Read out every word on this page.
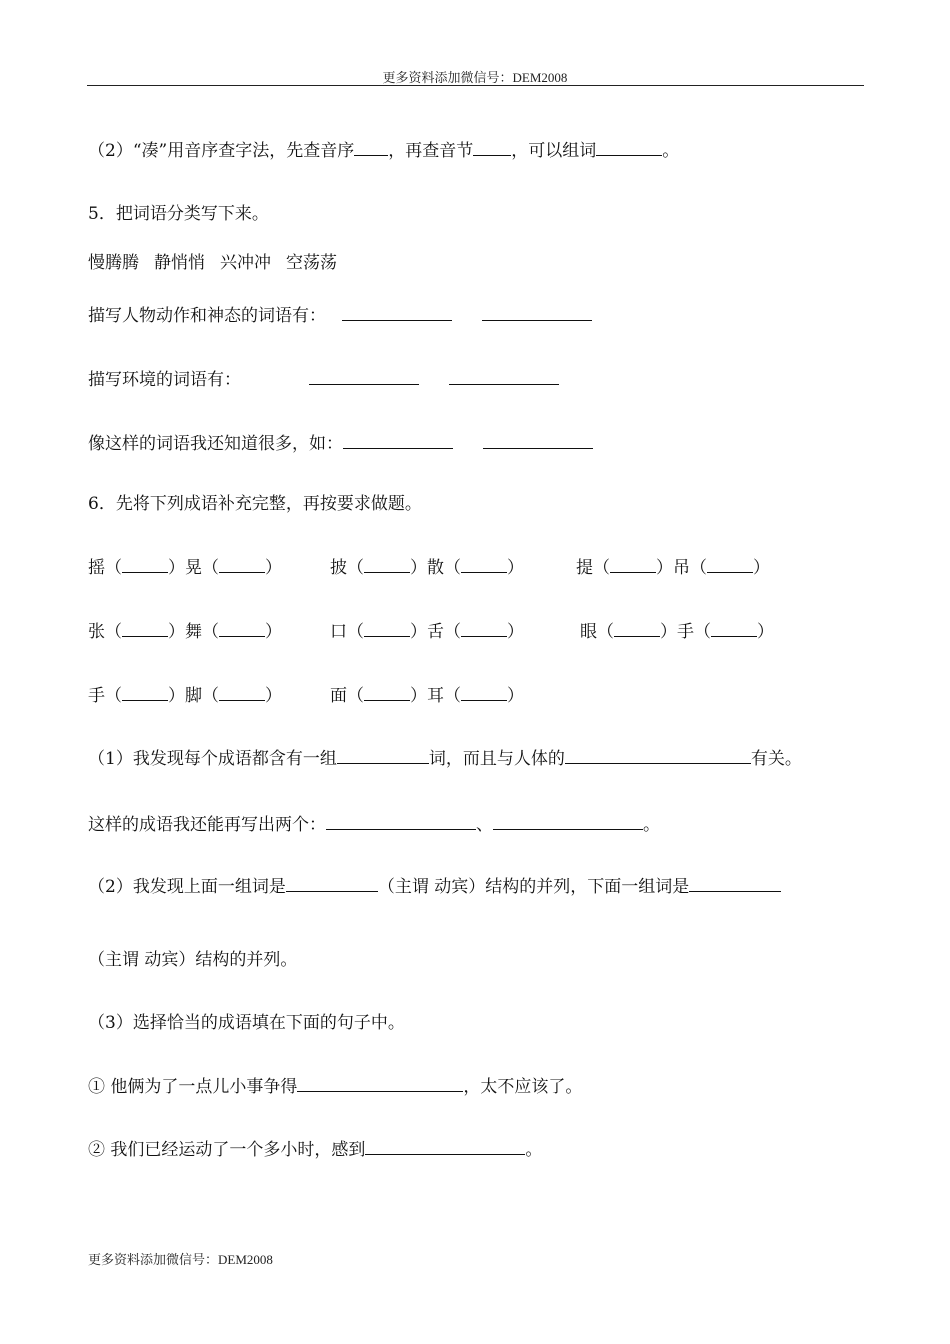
更多资料添加微信号：DEM2008
（2）“凑”用音序查字法，先查音序 ，再查音节 ，可以组词	。
5．把词语分类写下来。
慢腾腾 静悄悄 兴冲冲 空荡荡
描写人物动作和神态的词语有：
描写环境的词语有：
像这样的词语我还知道很多，如：
6．先将下列成语补充完整，再按要求做题。
摇（	）晃（	）	披（	）散（	）	提（	）吊（	）
张（	）舞（	）	口（	）舌（	）	眼（	）手（	）
手（	）脚（	）	面（	）耳（	）
（1）我发现每个成语都含有一组	词，而且与人体的	有关。
这样的成语我还能再写出两个：	、	。
（2）我发现上面一组词是	（主谓 动宾）结构的并列，下面一组词是
（主谓 动宾）结构的并列。
（3）选择恰当的成语填在下面的句子中。
① 他俩为了一点儿小事争得	，太不应该了。
② 我们已经运动了一个多小时，感到	。
更多资料添加微信号：DEM2008
